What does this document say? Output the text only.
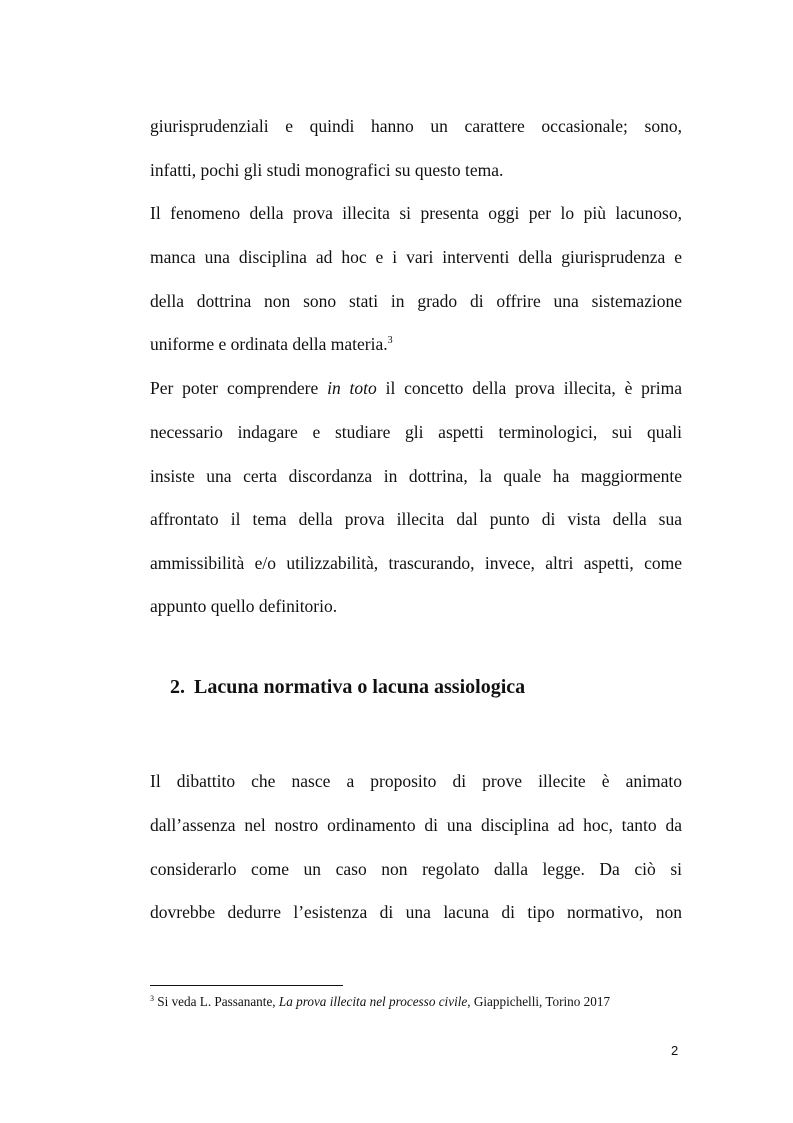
giurisprudenziali e quindi hanno un carattere occasionale; sono,
infatti, pochi gli studi monografici su questo tema.
Il fenomeno della prova illecita si presenta oggi per lo più lacunoso,
manca una disciplina ad hoc e i vari interventi della giurisprudenza e
della dottrina non sono stati in grado di offrire una sistemazione
uniforme e ordinata della materia.$^3$
Per poter comprendere in toto il concetto della prova illecita, è prima
necessario indagare e studiare gli aspetti terminologici, sui quali
insiste una certa discordanza in dottrina, la quale ha maggiormente
affrontato il tema della prova illecita dal punto di vista della sua
ammissibilità e/o utilizzabilità, trascurando, invece, altri aspetti, come
appunto quello definitorio.
2. Lacuna normativa o lacuna assiologica
Il dibattito che nasce a proposito di prove illecite è animato
dall’assenza nel nostro ordinamento di una disciplina ad hoc, tanto da
considerarlo come un caso non regolato dalla legge. Da ciò si
dovrebbe dedurre l’esistenza di una lacuna di tipo normativo, non
$^3$ Si veda L. Passanante, La prova illecita nel processo civile, Giappichelli, Torino 2017
2
